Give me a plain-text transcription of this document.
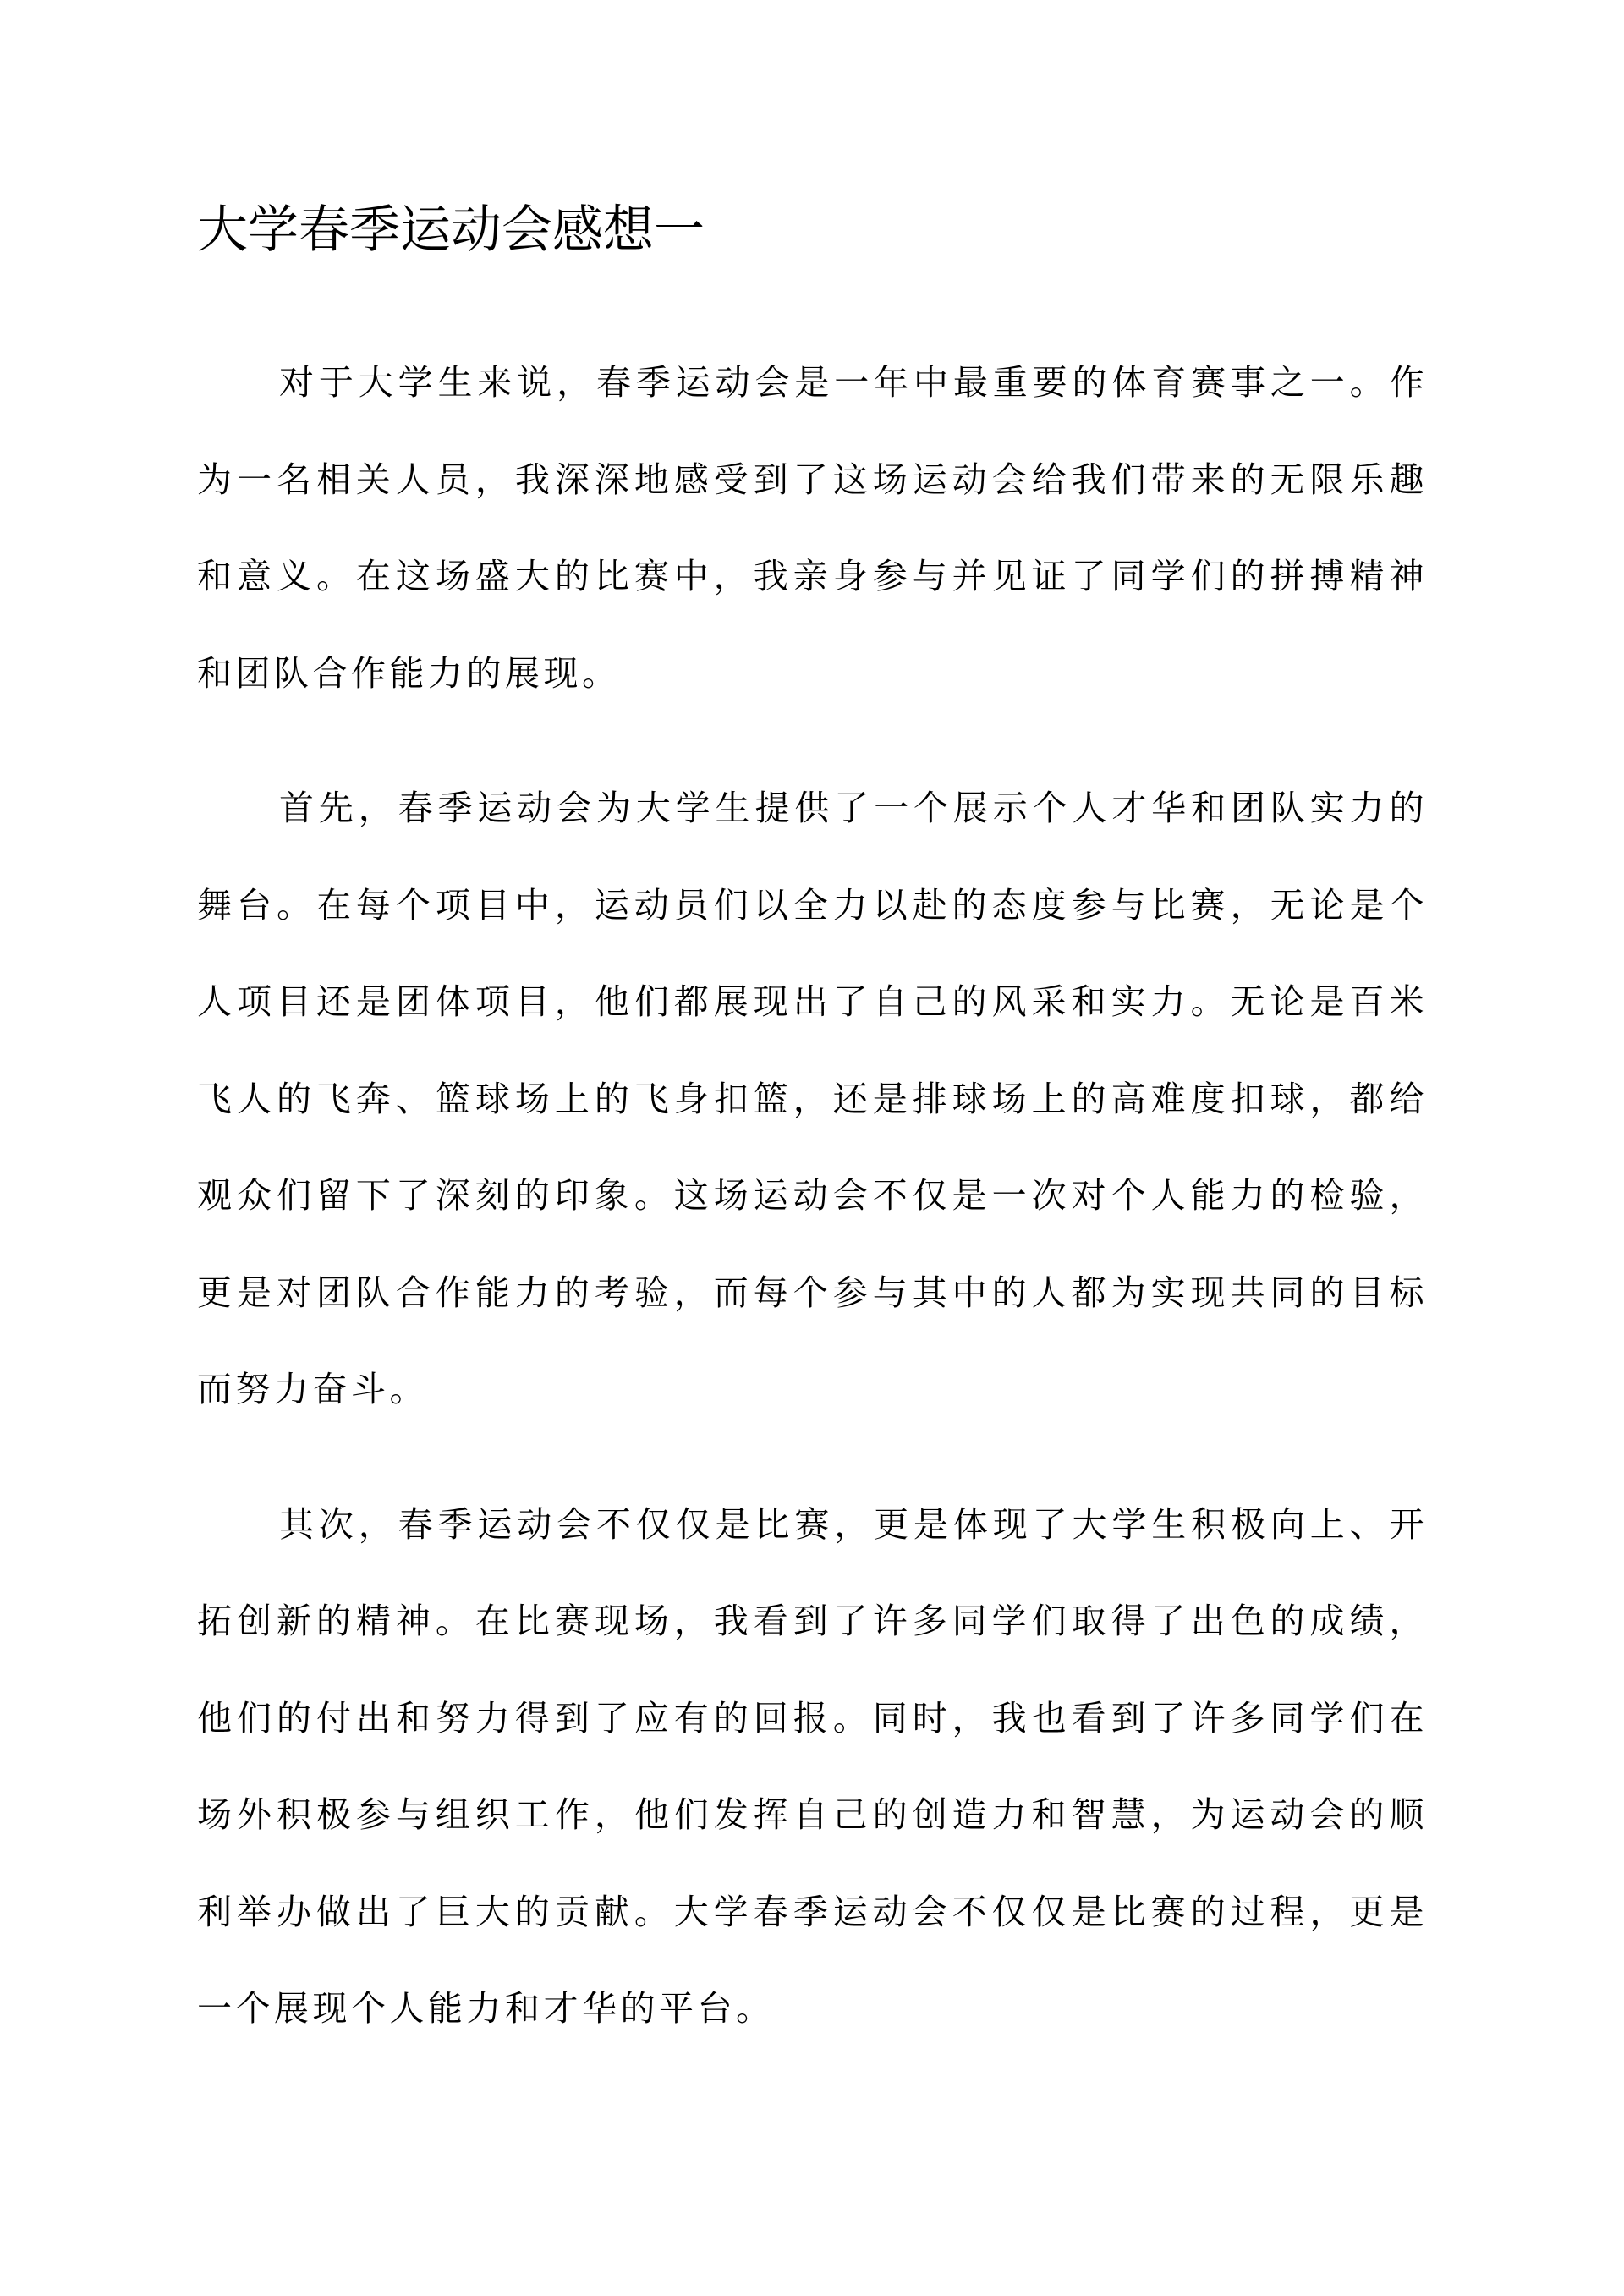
大学春季运动会感想一

对于大学生来说，春季运动会是一年中最重要的体育赛事之一。作为一名相关人员，我深深地感受到了这场运动会给我们带来的无限乐趣和意义。在这场盛大的比赛中，我亲身参与并见证了同学们的拼搏精神和团队合作能力的展现。

首先，春季运动会为大学生提供了一个展示个人才华和团队实力的舞台。在每个项目中，运动员们以全力以赴的态度参与比赛，无论是个人项目还是团体项目，他们都展现出了自己的风采和实力。无论是百米飞人的飞奔、篮球场上的飞身扣篮，还是排球场上的高难度扣球，都给观众们留下了深刻的印象。这场运动会不仅是一次对个人能力的检验，更是对团队合作能力的考验，而每个参与其中的人都为实现共同的目标而努力奋斗。

其次，春季运动会不仅仅是比赛，更是体现了大学生积极向上、开拓创新的精神。在比赛现场，我看到了许多同学们取得了出色的成绩，他们的付出和努力得到了应有的回报。同时，我也看到了许多同学们在场外积极参与组织工作，他们发挥自己的创造力和智慧，为运动会的顺利举办做出了巨大的贡献。大学春季运动会不仅仅是比赛的过程，更是一个展现个人能力和才华的平台。
